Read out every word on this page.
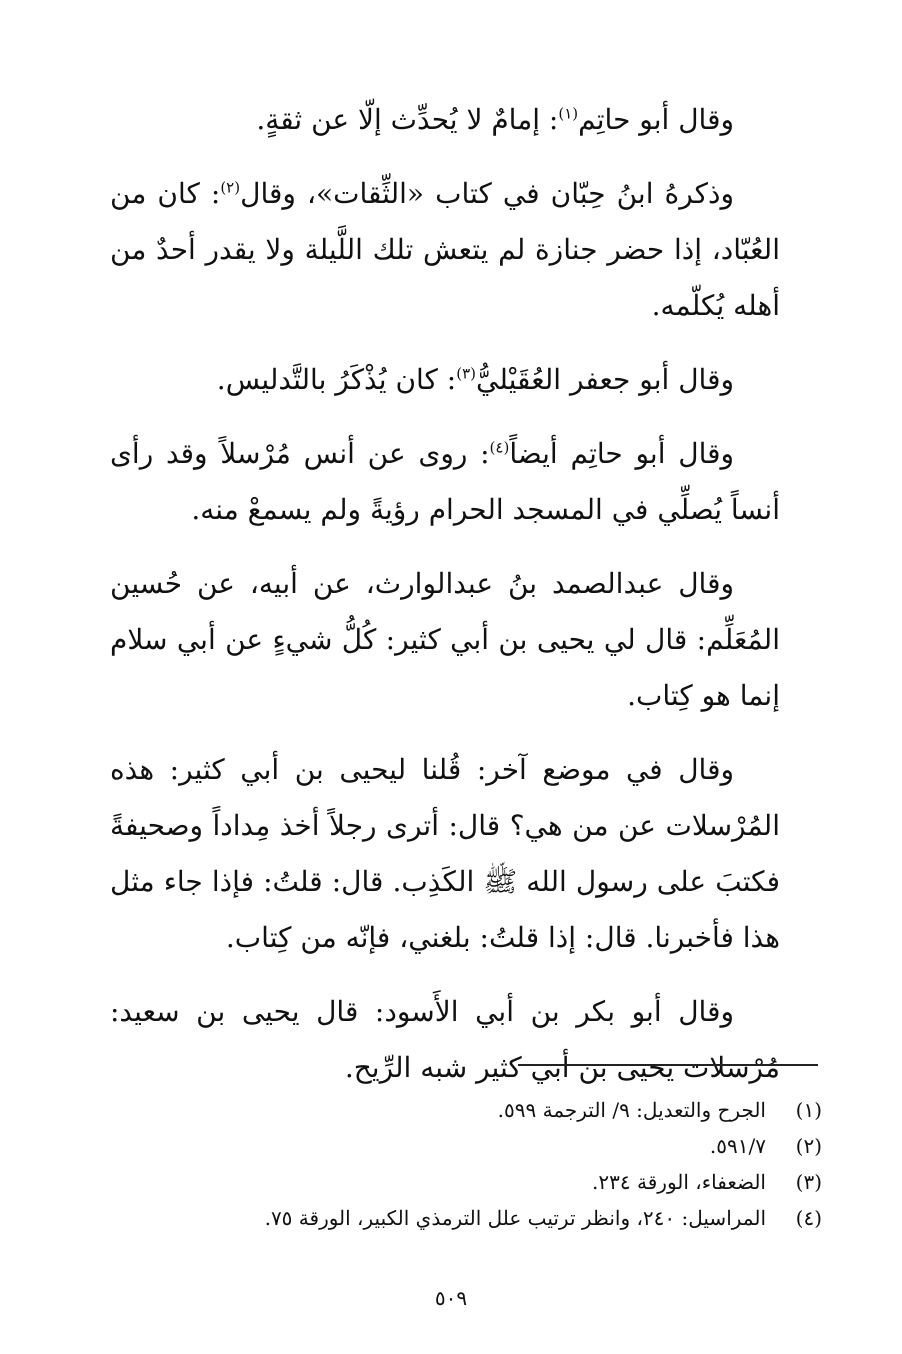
وقال أبو حاتِم$^{(١)}$: إمامٌ لا يُحدِّث إلّا عن ثقةٍ.

وذكرهُ ابنُ حِبّان في كتاب «الثِّقات»، وقال$^{(٢)}$: كان من العُبّاد، إذا حضر جنازة لم يتعش تلك اللَّيلة ولا يقدر أحدٌ من أهله يُكلّمه.

وقال أبو جعفر العُقَيْليُّ$^{(٣)}$: كان يُذْكَرُ بالتَّدليس.

وقال أبو حاتِم أيضاً$^{(٤)}$: روى عن أنس مُرْسلاً وقد رأى أنساً يُصلِّي في المسجد الحرام رؤيةً ولم يسمعْ منه.

وقال عبدالصمد بنُ عبدالوارث، عن أبيه، عن حُسين المُعَلِّم: قال لي يحيى بن أبي كثير: كُلُّ شيءٍ عن أبي سلام إنما هو كِتاب.

وقال في موضع آخر: قُلنا ليحيى بن أبي كثير: هذه المُرْسلات عن من هي؟ قال: أترى رجلاً أخذ مِداداً وصحيفةً فكتبَ على رسول الله ﷺ الكَذِب. قال: قلتُ: فإذا جاء مثل هذا فأخبرنا. قال: إذا قلتُ: بلغني، فإنّه من كِتاب.

وقال أبو بكر بن أبي الأَسود: قال يحيى بن سعيد: مُرْسلات يحيى بن أبي كثير شبه الرِّيح.

(١)
الجرح والتعديل: ٩/ الترجمة ٥٩٩.
(٢)
٥٩١/٧.
(٣)
الضعفاء، الورقة ٢٣٤.
(٤)
المراسيل: ٢٤٠، وانظر ترتيب علل الترمذي الكبير، الورقة ٧٥.
٥٠٩
